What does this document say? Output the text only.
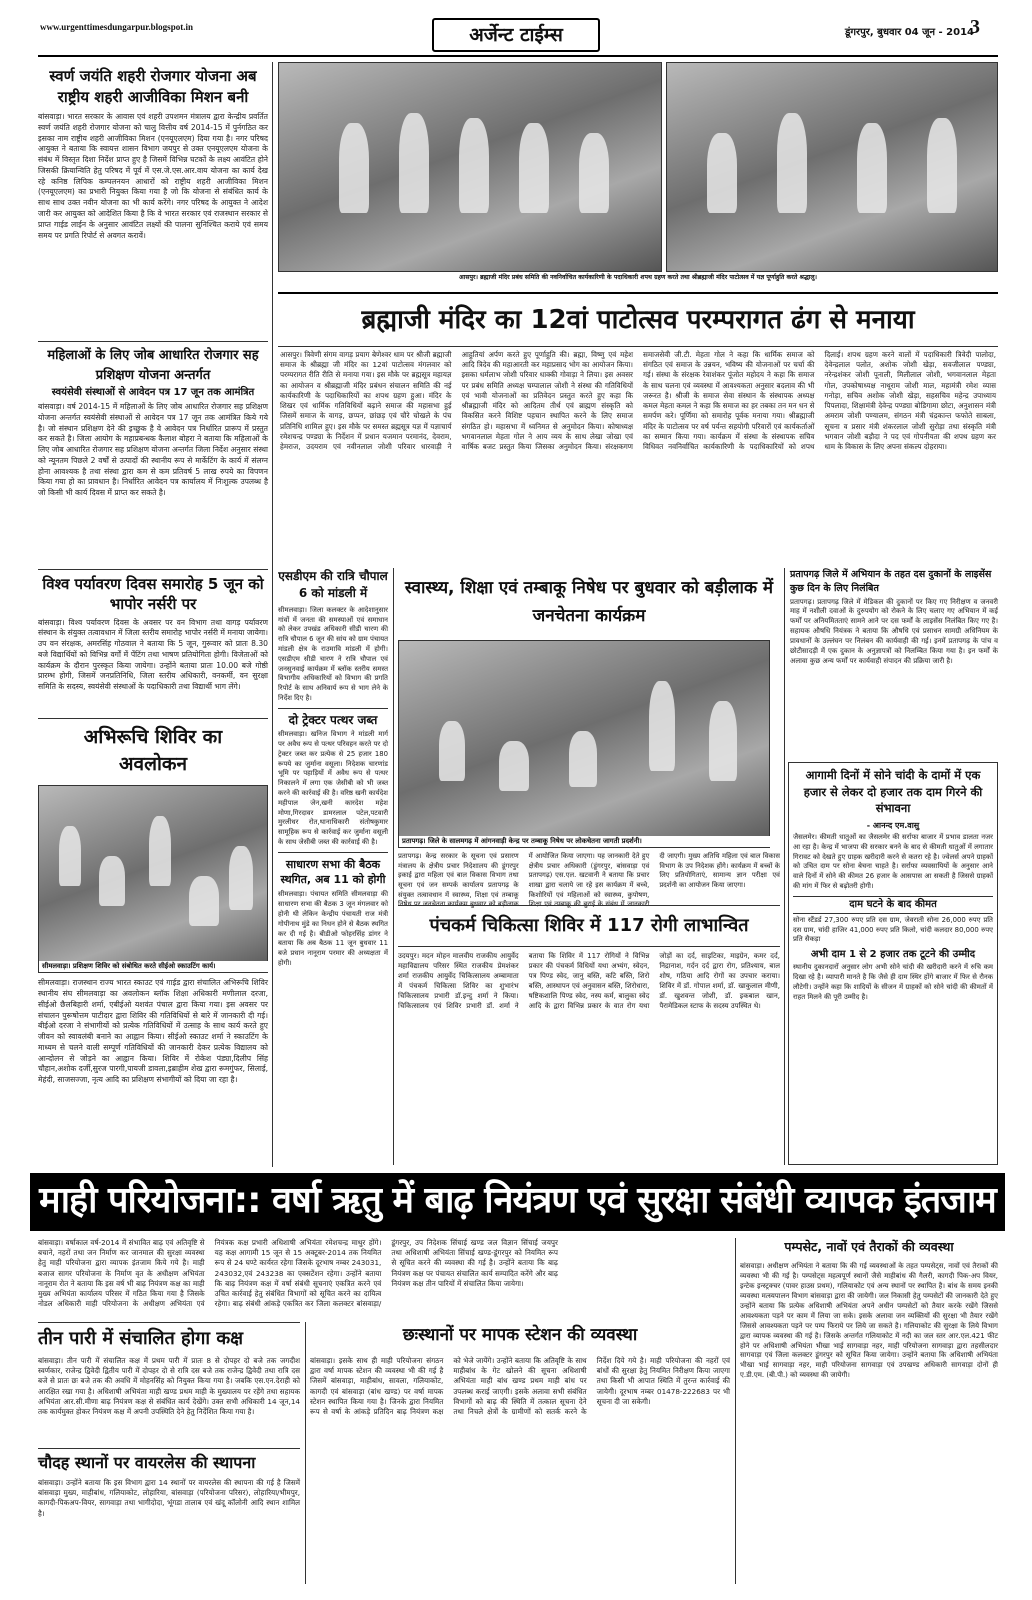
www.urgenttimesdungarpur.blogspot.in	अर्जेन्ट टाईम्स	डूंगरपुर, बुधवार 04 जून - 2014
3
स्वर्ण जयंति शहरी रोजगार योजना अब राष्ट्रीय शहरी आजीविका मिशन बनी
बांसवाड़ा। भारत सरकार के आवास एवं शहरी उपशमन मंत्रालय द्वारा केन्द्रीय प्रवर्तित स्वर्ण जयंति शहरी रोजगार योजना को चालु वित्तीय वर्ष 2014-15 में पुर्नगठित कर इसका नाम राष्ट्रीय शहरी आजीविका मिशन (एनयूएलएम) दिया गया है। नगर परिषद आयुक्त ने बताया कि स्वायत्त शासन विभाग जयपुर से उक्त एनयूएलएम योजना के संबंध में विस्तृत दिशा निर्देश प्राप्त हुए है जिसमें विभिन्न घटकों के लक्ष्य आवंटित होने जिसकी क्रियान्विति हेतु परिषद में पूर्व में एस.जे.एस.आर.वाय योजना का कार्य देख रहे कनिष्ठ लिपिक कम्पलनयन आधारों को राष्ट्रीय शहरी आजीविका मिशन (एनयूएलएम) का प्रभारी नियुक्त किया गया है जो कि योजना से संबंधित कार्य के साथ साथ उक्त नवीन योजना का भी कार्य करेंगे। नगर परिषद के आयुक्त ने आदेश जारी कर आयुक्त को आदेशित किया है कि वे भारत सरकार एवं राजस्थान सरकार से प्राप्त गाईड लाईन के अनुसार आवंटित लक्ष्यों की पालना सुनिश्चित कराये एवं समय समय पर प्रगति रिपोर्ट से अवगत करावें।
महिलाओं के लिए जोब आधारित रोजगार सह प्रशिक्षण योजना अन्तर्गत
स्वयंसेवी संस्थाओं से आवेदन पत्र 17 जून तक आमंत्रित
बांसवाड़ा। वर्ष 2014-15 में महिलाओं के लिए जोब आधारित रोजगार सह प्रशिक्षण योजना अन्तर्गत स्वयंसेवी संस्थाओं से आवेदन पत्र 17 जून तक आमंत्रित किये गये है। जो संस्थान प्रशिक्षण देने की इच्छुक है वे आवेदन पत्र निर्धारित प्रारूप में प्रस्तुत कर सकते है। जिला आयोग के महाप्रबन्धक कैलाश बोहरा ने बताया कि महिलाओं के लिए जोब आधारित रोजगार सह प्रशिक्षण योजना अन्तर्गत जिला निर्देश अनुसार संस्था को न्यूनतम पिछले 2 वर्षों से उत्पादों की स्थानीय रूप से मार्केटिंग के कार्य में संलग्न होना आवश्यक है तथा संस्था द्वारा कम से कम प्रतिवर्ष 5 लाख रुपये का विपणन किया गया हो का प्रावधान है। निर्धारित आवेदन पत्र कार्यालय में निःशुल्क उपलब्ध है जो किसी भी कार्य दिवस में प्राप्त कर सकते है।
विश्व पर्यावरण दिवस समारोह 5 जून को भापोर नर्सरी पर
बांसवाड़ा। विश्व पर्यावरण दिवस के अवसर पर वन विभाग तथा वागड़ पर्यावरण संस्थान के संयुक्त तत्वावधान में जिला स्तरीय समारोह भापोर नर्सरी में मनाया जायेगा। उप वन संरक्षक, अमरसिंह गोठवाल ने बताया कि 5 जून, गुरूवार को प्रातः 8.30 बजे विद्यार्थियों को विभिन्न वर्गों में पेंटिंग तथा भाषण प्रतियोगिता होगी। विजेताओं को कार्यक्रम के दौरान पुरस्कृत किया जायेगा। उन्होंने बताया प्रातः 10.00 बजे गोष्ठी प्रारम्भ होगी, जिसमें जनप्रतिनिधि, जिला स्तरीय अधिकारी, वनकर्मी, वन सुरक्षा समिति के सदस्य, स्वयंसेवी संस्थाओं के पदाधिकारी तथा विद्यार्थी भाग लेंगे।
अभिरूचि शिविर का अवलोकन
सीमलवाड़ा। प्रशिक्षण शिविर को संबोधित करते सीईओ स्काउटिंग कार्य।
सीमलवाड़ा। राजस्थान राज्य भारत स्काउट एवं गाईड द्वारा संचालित अभिरूचि शिविर स्थानीय संघ सीमलवाड़ा का अवलोकन ब्लॉक शिक्षा अधिकारी मणीलाल दरजा, सीईओ छैलबिहारी शर्मा, एबीईओ यशवंत पंचाल द्वारा किया गया। इस अवसर पर संचालन पुरूषोत्तम पाटीदार द्वारा शिविर की गतिविधियों से बारे में जानकारी दी गई। बीईओ दरजा ने संभागीयों को प्रत्येक गतिविधियों में उत्साह के साथ कार्य करते हुए जीवन को स्वावलंबी बनाने का आह्वान किया। सीईओ स्काउट शर्मा ने स्काउटिंग के माध्यम से चलने वाली सम्पूर्ण गतिविधियों की जानकारी देकर प्रत्येक विद्यालय को आन्दोलन से जोड़ने का आह्वान किया। शिविर में रोकेश पंड्या,दिलीप सिंह चौहान,अशोक दर्जी,सुरज पारगी,पायजी डावला,इब्राहीम शेख द्वारा रूमगुंफर, सिलाई, मेहंदी, साजसज्जा, नृत्य आदि का प्रशिक्षण संभागीयों को दिया जा रहा है।
आसपुर। ब्रह्माजी मंदिर प्रबंध समिति की नवनिर्वाचित कार्यकारिणी के पदाधिकारी शपथ ग्रहण करते तथा श्रीब्रह्माजी मंदिर पाटोत्सव में यज्ञ पूर्णाहुति करते श्रद्धालु।
ब्रह्माजी मंदिर का 12वां पाटोत्सव परम्परागत ढंग से मनाया
आसपुर। त्रिवेणी संगम वागड़ प्रयाग बेणेश्वर धाम पर श्रीजी ब्रह्माजी समाज के श्रीब्रह्मा जी मंदिर का 12वां पाटोत्सव मंगलवार को परम्परागत रीति रीति से मनाया गया। इस मौके पर ब्रह्मसूत्र महायज्ञ का आयोजन व श्रीब्रह्माजी मंदिर प्रबंधन संचालन समिति की नई कार्यकारिणी के पदाधिकारियों का शपथ ग्रहण हुआ। मंदिर के शिखर एवं धार्मिक गतिविधियों बढ़ाने समाज की महासभा हुई जिसमें समाज के वागड़, छप्पन, छांछड़ एवं चौरे चोखले के पंच प्रतिनिधि शामिल हुए। इस मौके पर समस्त ब्रह्मसूत्र यज्ञ में यज्ञाचार्य रमेशचन्द्र पण्ड्या के निर्देशन में प्रधान यजमान परमानंद, देवराम, हेमराज, उदयराम एवं नवीनलाल जोशी परिवार धारवाड़ी ने आहुतियां अर्पण करते हुए पूर्णाहुति की। ब्रह्मा, विष्णु एवं महेश आदि त्रिदेव की महाआरती कर महाप्रसाद भोग का आयोजन किया। इसका धर्मलाभ जोशी परिवार धाक्की गोवाड़ा ने लिया। इस अवसर पर प्रबंध समिति अध्यक्ष चम्पालाल जोशी ने संस्था की गतिविधियों एवं भावी योजनाओं का प्रतिवेदन प्रस्तुत करते हुए कहा कि श्रीब्रह्माजी मंदिर को आदितम तीर्थ एवं ब्राह्मण संस्कृति को विकसित करने विशिष्ट पहचान स्थापित करने के लिए समाज संगठित हो। महासभा में ध्वनिमत से अनुमोदन किया। कोषाध्यक्ष भगवानलाल मेहता गोल ने आय व्यय के साथ लेखा जोखा एवं वार्षिक बजट प्रस्तुत किया जिसका अनुमोदन किया। संरक्षकगण समाजसेवी जी.टी. मेहता गोल ने कहा कि धार्मिक समाज को संगठित एवं समाज के उन्नयन, भविष्य की योजनाओं पर चर्चा की गई। संस्था के संरक्षक रेवाशंकर पूंजोत महोदय ने कहा कि समाज के साथ चलना एवं व्यवस्था में आवश्यकता अनुसार बदलाव की भी जरूरत है। श्रीजी के समाज सेवा संस्थान के संस्थापक अध्यक्ष कमल मेहता कमल ने कहा कि समाज का हर तबका तन मन धन से समर्पण करे। पूर्णिमा को समारोह पूर्वक मनाया गया। श्रीब्रह्माजी मंदिर के पाटोत्सव पर वर्ष पर्यन्त सहयोगी परिवारों एवं कार्यकर्ताओं का सम्मान किया गया। कार्यक्रम में संस्था के संस्थापक सचिव विधिवत नवनिर्वाचित कार्यकारिणी के पदाधिकारियों को शपथ दिलाई। शपथ ग्रहण करने वालों में पदाधिकारी त्रिवेदी पालोदा, देवेन्द्रलाल पलोत, अशोक जोशी खेड़ा, सवजीलाल पण्ड्या, नरेन्द्रशंकर जोशी पूनाली, मिलीलाल जोशी, भगवानलाल मेहता गोल, उपकोषाध्यक्ष नाथूराम जोशी माल, महामंत्री रमेश व्यास गनोड़ा, सचिव अशोक जोशी खेड़ा, सहसचिव महेन्द्र उपाध्याय पिपलादा, शिक्षामंत्री देवेन्द्र पण्ड्या बोडिगामा छोटा, अनुशासन मंत्री अमराम जोशी पण्यालम, संगठन मंत्री चंद्रकान्त फफोते साबला, सूचना व प्रसार मंत्री शंकरलाल जोशी सुरोड़ा तथा संस्कृति मंत्री भगवान जोशी बड़ौदा ने पद एवं गोपनीयता की शपथ ग्रहण कर धाम के विकास के लिए अपना संकल्प दोहराया।
एसडीएम की रात्रि चौपाल 6 को मांडली में
सीमलवाड़ा। जिला कलक्टर के आदेशानुसार गांवों में जनता की समस्याओं एवं समाधान को लेकर उपखंड अधिकारी सीडी चारण की रात्रि चौपाल 6 जून की सांय को ग्राम पंचायत मांडली क्षेत्र के राउमावि मांडली में होगी। एसडीएम सीडी चारण ने रात्रि चौपाल एवं जनसुनवाई कार्यक्रम में ब्लॉक स्तरीय समस्त विभागीय अधिकारियों को विभाग की प्रगति रिपोर्ट के साथ अनिवार्य रूप से भाग लेने के निर्देश दिए है।
दो ट्रेक्टर पत्थर जब्त
सीमलवाड़ा। खनिज विभाग ने मांडली मार्ग पर अवैध रूप से पत्थर परिवहन करते पर दो ट्रेक्टर जब्त कर प्रत्येक से 25 हजार 180 रूपये का जुर्माना वसूला। निदेशक चारणांड भूमि पर पहाड़ियों में अवैध रूप से पत्थर निकालने में लगा एक जेसीबी को भी जब्त करने की कार्रवाई की है। वरिष्ठ खनी कार्यदेश महीपाल जेन,खनी कारदेश महेश मोणा,गिरदावर डामरलाल पटेल,पटवारी मुरलीधर रोत,थानाधिकारी संतोषकुमार सामूहिक रूप से कार्रवाई कर जुर्माना वसूली के साथ जेसीबी जब्त की कार्रवाई की है।
साधारण सभा की बैठक स्थगित, अब 11 को होगी
सीमलवाड़ा। पंचायत समिति सीमलवाड़ा की साधारण सभा की बैठक 3 जून मंगलवार को होनी थी लेकिन केन्द्रीय पंचायती राज मंत्री गोपीनाथ मुंडे का निधन होने से बैठक स्थगित कर दी गई है। बीडीओ फोहरसिंह डांगर ने बताया कि अब बैठक 11 जून बुधवार 11 बजे प्रधान नानूराम परमार की अध्यक्षता में होगी।
स्वास्थ्य, शिक्षा एवं तम्बाकू निषेध पर बुधवार को बड़ीलाक में जनचेतना कार्यक्रम
प्रतापगढ़। जिले के सालमगढ़ में आंगनवाड़ी केन्द्र पर तम्बाकू निषेध पर लोकचेतना जागती प्रदर्शनी।
प्रतापगढ़। केन्द्र सरकार के सूचना एवं प्रसारण मंत्रालय के क्षेत्रीय प्रचार निदेशालय की डूंगरपुर इकाई द्वारा महिला एवं बाल विकास विभाग तथा सूचना एवं जन सम्पर्क कार्यालय प्रतापगढ़ के संयुक्त तत्वावधान में स्वास्थ्य, शिक्षा एवं तम्बाकू निषेध पर जनचेतना कार्यक्रम बुधवार को बड़ीलाक में आयोजित किया जाएगा। यह जानकारी देते हुए क्षेत्रीय प्रचार अधिकारी (डूंगरपुर, बांसवाड़ा एवं प्रतापगढ़) एस.एल. खटवानी ने बताया कि प्रचार शाखा द्वारा चलाये जा रहे इस कार्यक्रम में बच्चे, किशोरियों एवं महिलाओं को स्वास्थ्य, कुपोषण, शिक्षा एवं तम्बाकू की बुराई के संबंध में जानकारी दी जाएगी। मुख्य अतिथि महिला एवं बाल विकास विभाग के उप निदेशक होंगे। कार्यक्रम में बच्चों के लिए प्रतियोगिताएं, सामान्य ज्ञान परीक्षा एवं प्रदर्शनी का आयोजन किया जाएगा।
प्रतापगढ़ जिले में अभियान के तहत दस दुकानों के लाइसेंस कुछ दिन के लिए निलंबित
प्रतापगढ़। प्रतापगढ़ जिले में मेडिकल की दुकानों पर किए गए निरीक्षण व जनवरी माह में नशीली दवाओं के दुरुपयोग को रोकने के लिए चलाए गए अभियान में कई फर्मों पर अनियमितताएं सामने आने पर दस फर्मों के लाइसेंस निलंबित किए गए है। सहायक औषधि नियंत्रक ने बताया कि औषधि एवं प्रसाधन सामग्री अधिनियम के प्रावधानों के उल्लंघन पर निलंबन की कार्यवाही की गई। इनमें प्रतापगढ़ के पांच व छोटीसादड़ी में एक दुकान के अनुज्ञापत्रों को निलम्बित किया गया है। इन फर्मों के अलावा कुछ अन्य फर्मों पर कार्यवाही संपादन की प्रक्रिया जारी है।
आगामी दिनों में सोने चांदी के दामों में एक हजार से लेकर दो हजार तक दाम गिरने की संभावना
- आनन्द एम.वासु
जैसलमेर। कीमती धातुओं का जैसलमेर की सर्राफा बाजार में प्रभाव डालता नजर आ रहा है। केन्द्र में भाजपा की सरकार बनने के बाद से कीमती धातुओं में लगातार गिरावट को देखते हुए ग्राहक खरीदारी करने से कतरा रहे है। ज्वेलर्स अपने ग्राहकों को उचित दाम पर सोना बेचना चाहते है। सर्राफा व्यवसायियों के अनुसार आने वाले दिनों में सोने की कीमत 26 हजार के आसपास आ सकती है जिससे ग्राहकों की मांग में फिर से बढ़ोतरी होगी।
दाम घटने के बाद कीमत
सोना स्टैंडर्ड 27,300 रुपए प्रति दस ग्राम, जेवराती सोना 26,000 रुपए प्रति दस ग्राम, चांदी हाजिर 41,000 रुपए प्रति किलो, चांदी कलदार 80,000 रुपए प्रति सैकड़ा
अभी दाम 1 से 2 हजार तक टूटने की उम्मीद
स्थानीय दुकानदारों अनुसार लोग अभी सोने चांदी की खरीदारी करने में रुचि कम दिखा रहे है। व्यापारी मानते है कि जैसे ही दाम स्थिर होंगे बाजार में फिर से रौनक लौटेगी। उन्होंने कहा कि शादियों के सीजन में ग्राहकों को सोने चांदी की कीमतों में राहत मिलने की पूरी उम्मीद है।
पंचकर्म चिकित्सा शिविर में 117 रोगी लाभान्वित
उदयपुर। मदन मोहन मालवीय राजकीय आयुर्वेद महाविद्यालय परिसर स्थित राजकीय प्रेमशंकर शर्मा राजकीय आयुर्वेद चिकित्सालय अम्बामाता में पंचकर्म चिकित्सा शिविर का शुभारंभ चिकित्सालय प्रभारी डॉ.इन्दु शर्मा ने किया। चिकित्सालय एवं शिविर प्रभारी डॉ. शर्मा ने बताया कि शिविर में 117 रोगियों ने विभिन्न प्रकार की पंचकर्म विधियों यथा अभ्यंग, स्वेदन, पत्र पिण्ड स्वेद, जानु बस्ति, कटि बस्ति, शिरो बस्ति, आस्थापन एवं अनुवासन बस्ति, शिरोधारा, षष्टिकशालि पिण्ड स्वेद, नस्य कर्म, बालुका स्वेद आदि के द्वारा विभिन्न प्रकार के वात रोग यथा जोड़ों का दर्द, साइटिका, माइग्रेन, कमर दर्द, निद्रानाश, गर्दन दर्द द्वारा रोग, प्रतिश्याय, बाल शोष, गठिया आदि रोगों का उपचार कराया। शिविर में डॉ. गोपाल शर्मा, डॉ. खाकुलाल मीणी, डॉ. खुशवन्त जोशी, डॉ. इकबाल खान, पैरामेडिकल स्टाफ के सदस्य उपस्थित थे।
माही परियोजना:: वर्षा ऋतु में बाढ़ नियंत्रण एवं सुरक्षा संबंधी व्यापक इंतजाम
बांसवाड़ा। वर्षाकाल वर्ष-2014 में संभावित बाढ़ एवं अतिवृष्टि से बचाने, नहरों तथा जन निर्माण कर जानमाल की सुरक्षा व्यवस्था हेतु माही परियोजना द्वारा व्यापक इंतजाम किये गये है। माही बजाज सागर परियोजना के निर्माण वृत के अधीक्षण अभियंता नानूराम रोत ने बताया कि इस वर्ष भी बाढ़ नियंत्रण कक्ष का माही मुख्य अभियंता कार्यालय परिसर में गठित किया गया है जिसके नोडल अधिकारी माही परियोजना के अधीक्षण अभियंता एवं नियंत्रक कक्ष प्रभारी अधिशाषी अभियंता रमेशचन्द्र माथुर होंगे। यह कक्ष आगामी 15 जून से 15 अक्टूबर-2014 तक नियमित रूप से 24 घण्टे कार्यरत रहेगा जिसके दूरभाष नम्बर 243031, 243032,एवं 243238 का एक्सटेंशन रहेगा। उन्होंने बताया कि बाढ़ नियंत्रण कक्ष में वर्षा संबंधी सूचनाएं एकत्रित करने एवं उचित कार्रवाई हेतु संबंधित विभागों को सूचित करने का दायित्व रहेगा। बाढ़ संबंधी आंकड़े एकत्रित कर जिला कलक्टर बांसवाड़ा/डूंगरपुर, उप निदेशक सिंचाई खण्ड जल विज्ञान सिंचाई जयपुर तथा अधिशाषी अभियंता सिंचाई खण्ड-डूंगरपुर को नियमित रूप से सूचित करने की व्यवस्था की गई है। उन्होंने बताया कि बाढ़ नियंत्रण कक्ष पर पंचायत संचालित कार्य सम्पादित करेंगे और बाढ़ नियंत्रण कक्ष तीन पारियों में संचालित किया जायेगा।
तीन पारी में संचालित होगा कक्ष
बांसवाड़ा। तीन पारी में संचालित कक्ष में प्रथम पारी में प्रातः 8 से दोपहर दो बजे तक जगदीश स्वर्णकार, राजेन्द्र द्विवेदी द्वितीय पारी में दोपहर दो से रात्रि दस बजे तक राजेन्द्र द्विवेदी तथा रात्रि दस बजे से प्रातः छः बजे तक की अवधि में मोहनसिंह को नियुक्त किया गया है। जबकि एस.एन.देराही को आरक्षित रखा गया है। अधिशाषी अभियंता माही खण्ड प्रथम माही के मुख्यालय पर रहेंगे तथा सहायक अभियंता आर.सी.मीणा बाढ़ नियंत्रण कक्ष से संबंधित कार्य देखेंगे। उक्त सभी अधिकारी 14 जून,14 तक कार्यमुक्त होकर नियंत्रण कक्ष में अपनी उपस्थिति देने हेतु निर्देशित किया गया है।
चौदह स्थानों पर वायरलेस की स्थापना
बांसवाड़ा। उन्होंने बताया कि इस विभाग द्वारा 14 स्थानों पर वायरलेस की स्थापना की गई है जिसमें बांसवाड़ा मुख्य, माहीबांध, गलियाकोट, लोहारिया, बांसवाड़ा (परियोजना परिसर), लोहारिया/भीमपुर, कागदी-पिकअप-वियर, सागवाड़ा तथा भागीदोदा, भूंगडा तालाब एवं खंदू कॉलोनी आदि स्थान शामिल है।
छःस्थानों पर मापक स्टेशन की व्यवस्था
बांसवाड़ा। इसके साथ ही माही परियोजना संगठन द्वारा वर्षा मापक स्टेशन की व्यवस्था भी की गई है जिसमें बांसवाड़ा, माहीबांध, सावला, गलियाकोट, कागदी एवं बांसवाड़ा (बांध खण्ड) पर वर्षा मापक स्टेशन स्थापित किया गया है। जिनके द्वारा नियमित रूप से वर्षा के आंकड़े प्रतिदिन बाढ़ नियंत्रण कक्ष को भेजे जायेंगे। उन्होंने बताया कि अतिवृष्टि के साथ माहीबांध के गेट खोलने की सूचना अधिशाषी अभियंता माही बांध खण्ड प्रथम माही बांध पर उपलब्ध कराई जाएगी। इसके अलावा सभी संबंधित विभागों को बाढ़ की स्थिति में तत्काल सूचना देने तथा निचले क्षेत्रों के ग्रामीणों को सतर्क करने के निर्देश दिये गये है। माही परियोजना की नहरों एवं बांधों की सुरक्षा हेतु नियमित निरीक्षण किया जाएगा तथा किसी भी आपात स्थिति में तुरन्त कार्रवाई की जायेगी। दूरभाष नम्बर 01478-222683 पर भी सूचना दी जा सकेगी।
पम्पसेट, नावों एवं तैराकों की व्यवस्था
बांसवाड़ा। अधीक्षण अभियंता ने बताया कि की गई व्यवस्थाओं के तहत पम्पसेट्स, नावों एवं तैराकों की व्यवस्था भी की गई है। पम्पसेट्स महत्वपूर्ण स्थानों जैसे माहीबांध की गैलरी, कागदी पिक-अप वियर, इन्टेक इन्स्ट्रक्चर (पावर हाउस प्रथम), गलियाकोट एवं अन्य स्थानों पर स्थापित है। बांध के समय इनकी व्यवस्था मत्स्यपालन विभाग बांसवाड़ा द्वारा की जायेगी। जल निकासी हेतु पम्पसेटों की जानकारी देते हुए उन्होंने बताया कि प्रत्येक अधिशाषी अभियंता अपने अधीन पम्पसेटों को तैयार करके रखेंगे जिससे आवश्यकता पड़ने पर काम में लिया जा सके। इसके अलावा जन व्यक्तियों की सुरक्षा भी तैयार रखेंगे जिससे आवश्यकता पड़ने पर पम्प फिराये पर लिये जा सकते है। गलियाकोट की सुरक्षा के लिये विभाग द्वारा व्यापक व्यवस्था की गई है। जिसके अन्तर्गत गलियाकोट में नदी का जल स्तर आर.एल.421 फीट होने पर अधिशाषी अभियंता भीखा भाई सागवाड़ा नहर, माही परियोजना सागवाड़ा द्वारा तहसीलदार सागवाड़ा एवं जिला कलक्टर डूंगरपुर को सूचित किया जायेगा। उन्होंने बताया कि अधिशाषी अभियंता भीखा भाई सागवाड़ा नहर, माही परियोजना सागवाड़ा एवं उपखण्ड अधिकारी सागवाड़ा दोनों ही ए.डी.एम. (बी.पी.) को व्यवस्था की जायेगी।
